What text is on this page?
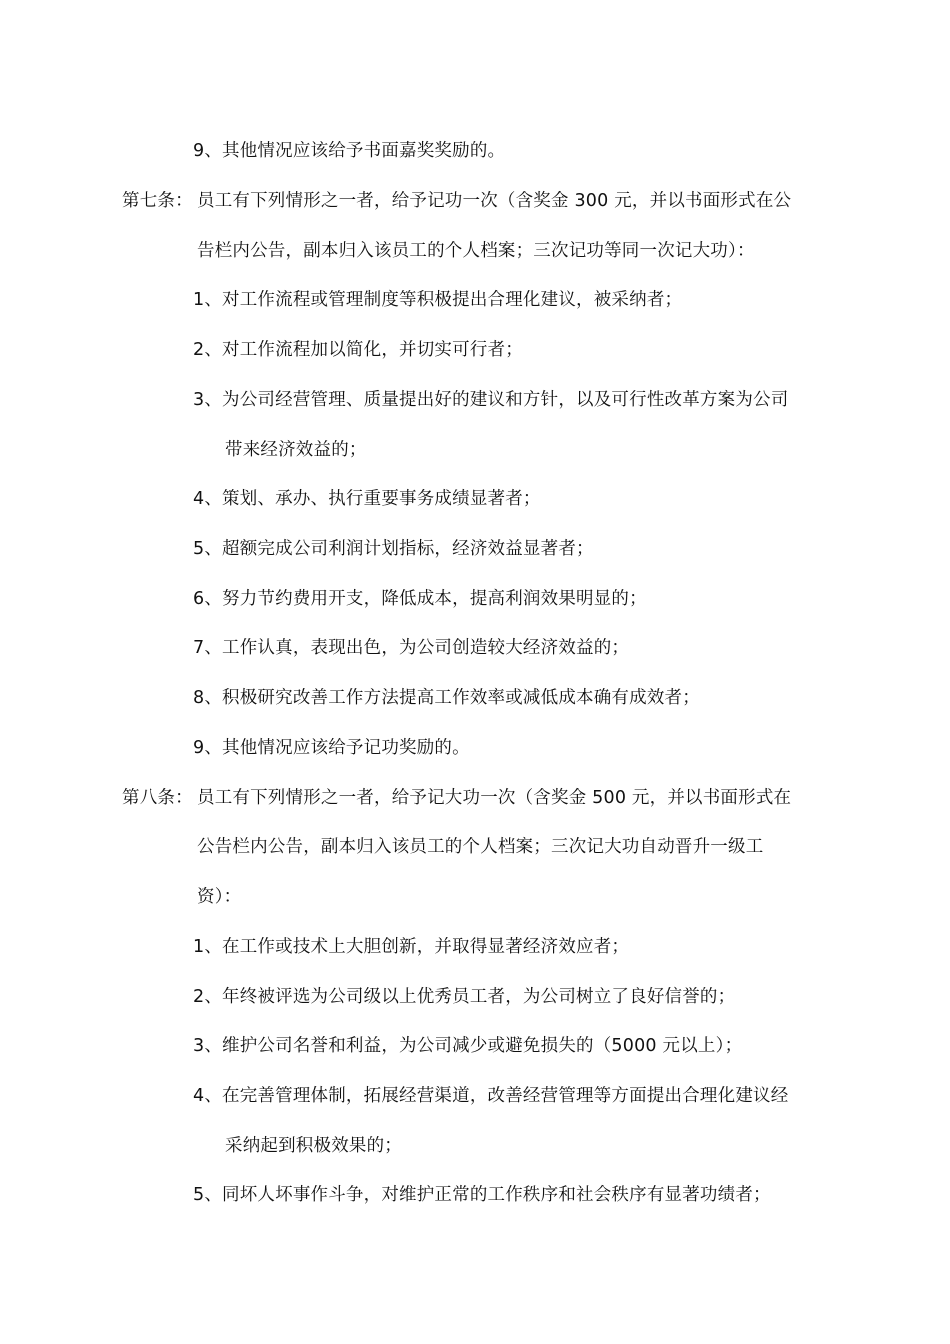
9、其他情况应该给予书面嘉奖奖励的。
第七条： 员工有下列情形之一者，给予记功一次（含奖金 300 元，并以书面形式在公
告栏内公告，副本归入该员工的个人档案；三次记功等同一次记大功）：
1、对工作流程或管理制度等积极提出合理化建议，被采纳者；
2、对工作流程加以简化，并切实可行者；
3、为公司经营管理、质量提出好的建议和方针，以及可行性改革方案为公司
带来经济效益的；
4、策划、承办、执行重要事务成绩显著者；
5、超额完成公司利润计划指标，经济效益显著者；
6、努力节约费用开支，降低成本，提高利润效果明显的；
7、工作认真，表现出色，为公司创造较大经济效益的；
8、积极研究改善工作方法提高工作效率或减低成本确有成效者；
9、其他情况应该给予记功奖励的。
第八条： 员工有下列情形之一者，给予记大功一次（含奖金 500 元，并以书面形式在
公告栏内公告，副本归入该员工的个人档案；三次记大功自动晋升一级工
资）：
1、在工作或技术上大胆创新，并取得显著经济效应者；
2、年终被评选为公司级以上优秀员工者，为公司树立了良好信誉的；
3、维护公司名誉和利益，为公司减少或避免损失的（5000 元以上）；
4、在完善管理体制，拓展经营渠道，改善经营管理等方面提出合理化建议经
采纳起到积极效果的；
5、同坏人坏事作斗争，对维护正常的工作秩序和社会秩序有显著功绩者；
